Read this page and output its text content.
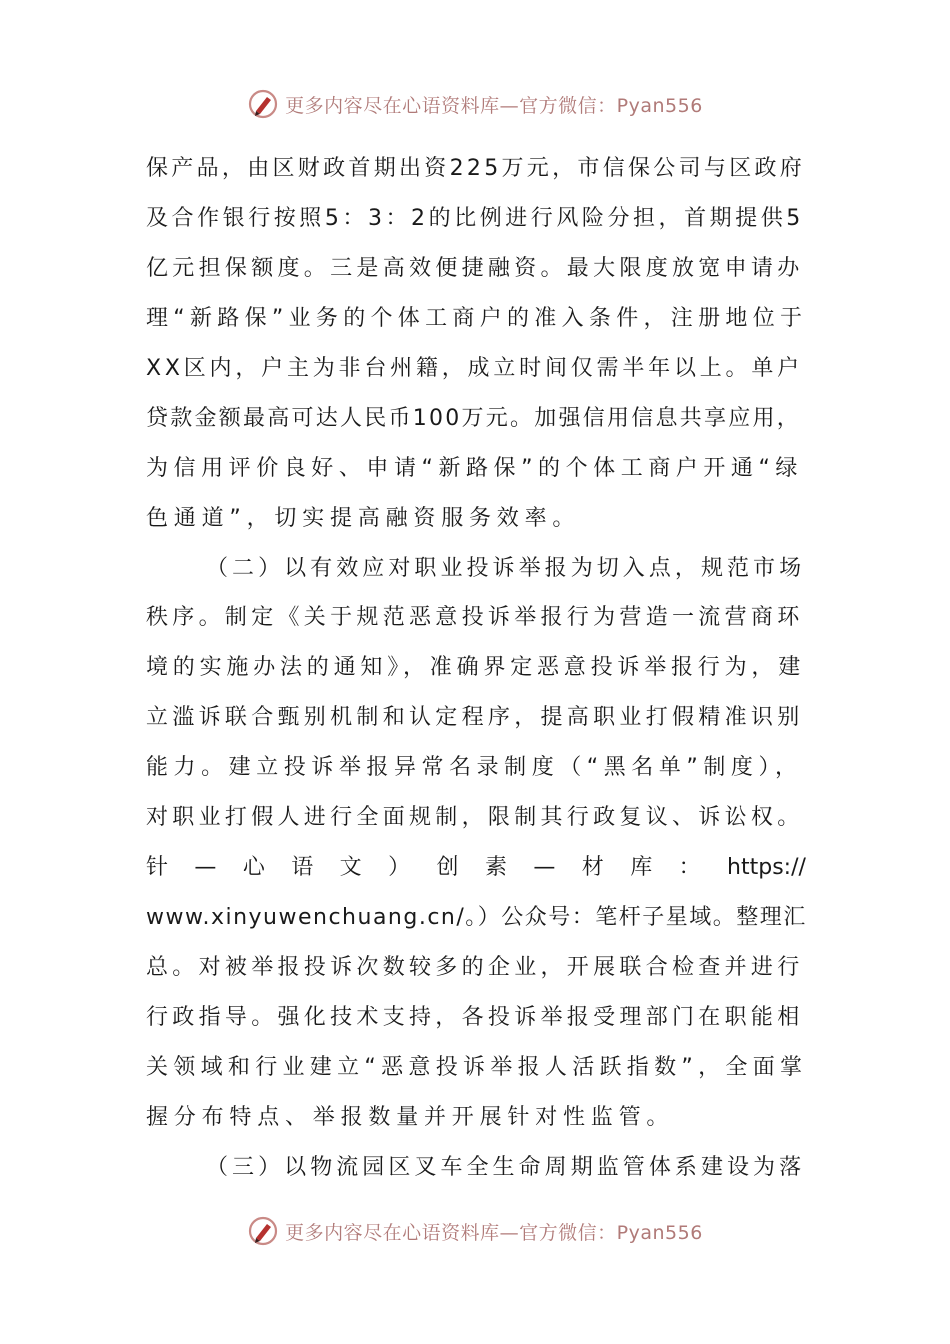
更多内容尽在心语资料库—官方微信：Pyan556
保产品，由区财政首期出资225万元，市信保公司与区政府
及合作银行按照5：3：2的比例进行风险分担，首期提供5
亿元担保额度。三是高效便捷融资。最大限度放宽申请办
理“新路保”业务的个体工商户的准入条件，注册地位于
XX区内，户主为非台州籍，成立时间仅需半年以上。单户
贷款金额最高可达人民币100万元。加强信用信息共享应用，
为信用评价良好、申请“新路保”的个体工商户开通“绿
色通道”，切实提高融资服务效率。
（二）以有效应对职业投诉举报为切入点，规范市场
秩序。制定《关于规范恶意投诉举报行为营造一流营商环
境的实施办法的通知》，准确界定恶意投诉举报行为，建
立滥诉联合甄别机制和认定程序，提高职业打假精准识别
能力。建立投诉举报异常名录制度（“黑名单”制度），
对职业打假人进行全面规制，限制其行政复议、诉讼权。
针 — 心 语 文 ） 创 素 — 材 库 ： https://
www.xinyuwenchuang.cn/。）公众号：笔杆子星域。整理汇
总。对被举报投诉次数较多的企业，开展联合检查并进行
行政指导。强化技术支持，各投诉举报受理部门在职能相
关领域和行业建立“恶意投诉举报人活跃指数”，全面掌
握分布特点、举报数量并开展针对性监管。
（三）以物流园区叉车全生命周期监管体系建设为落
更多内容尽在心语资料库—官方微信：Pyan556
